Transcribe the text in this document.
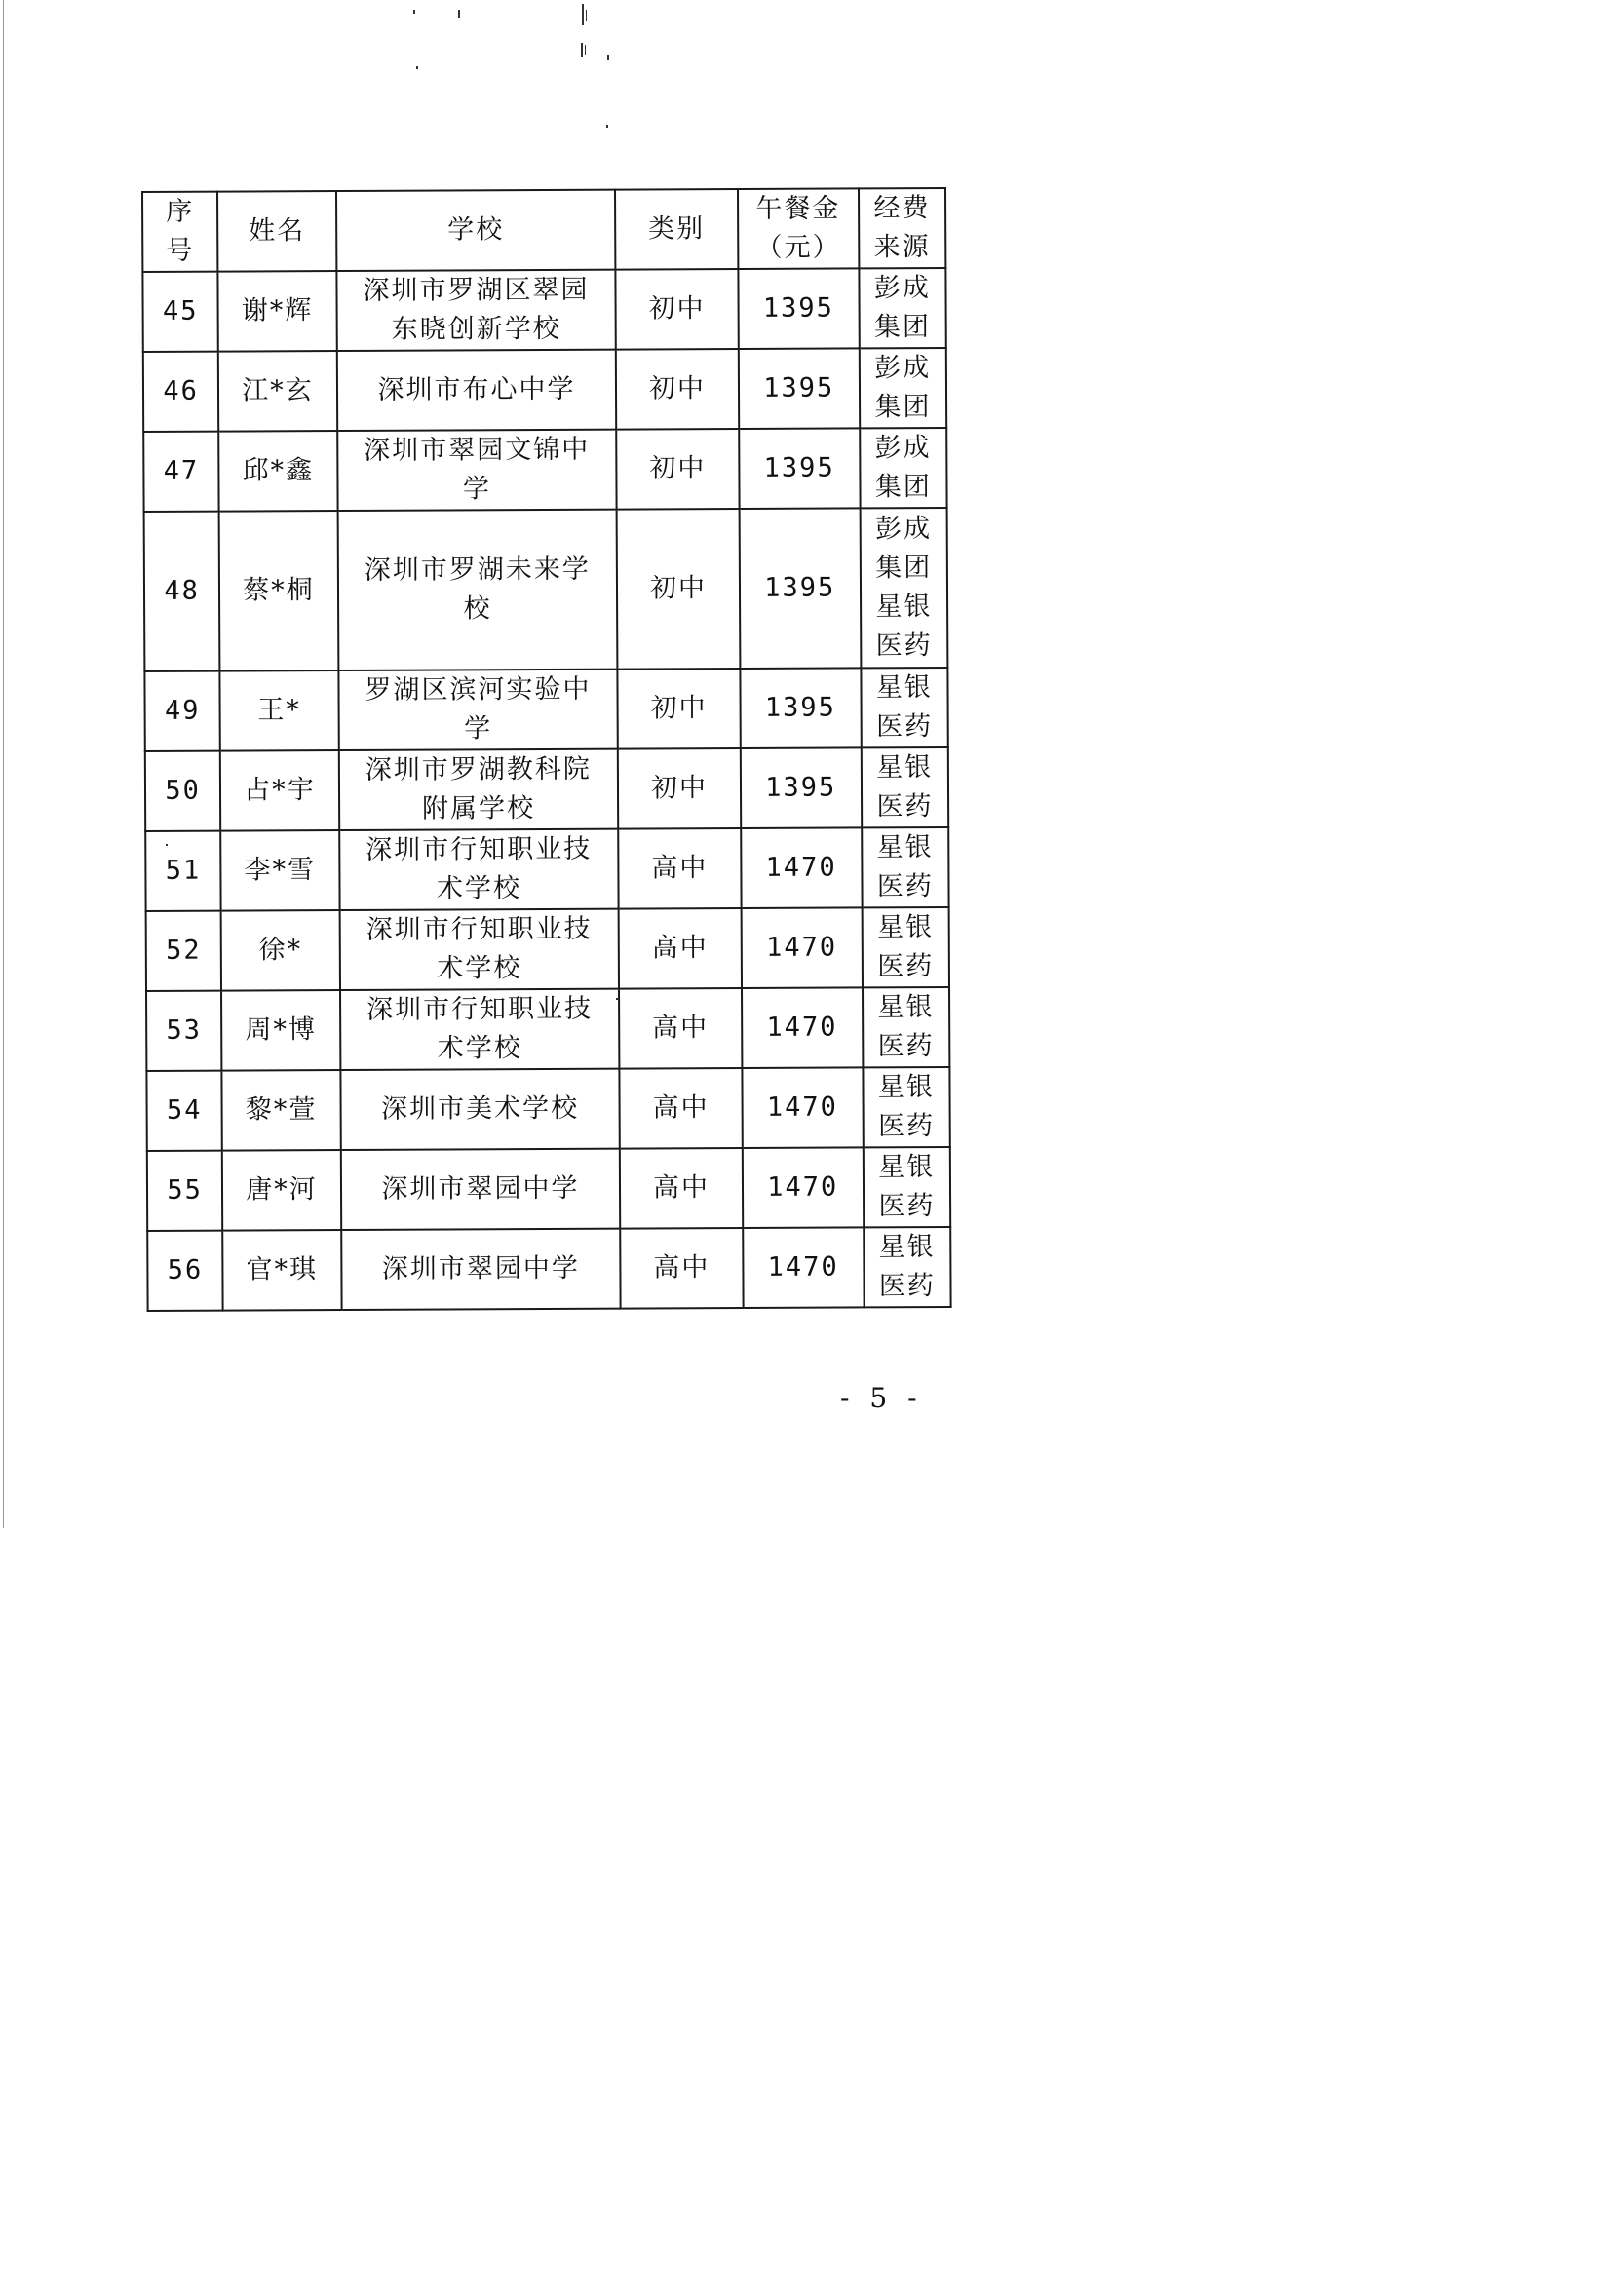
序
号	姓名	学校	类别	午餐金
（元）	经费
来源

45	谢*辉	深圳市罗湖区翠园
东晓创新学校	初中	1395	彭成
集团

46	江*玄	深圳市布心中学	初中	1395	彭成
集团

47	邱*鑫	深圳市翠园文锦中
学	初中	1395	彭成
集团

48	蔡*桐	深圳市罗湖未来学
校	初中	1395	彭成
集团
星银
医药

49	王*	罗湖区滨河实验中
学	初中	1395	星银
医药

50	占*宇	深圳市罗湖教科院
附属学校	初中	1395	星银
医药

51	李*雪	深圳市行知职业技
术学校	高中	1470	星银
医药

52	徐*	深圳市行知职业技
术学校	高中	1470	星银
医药

53	周*博	深圳市行知职业技
术学校	高中	1470	星银
医药

54	黎*萱	深圳市美术学校	高中	1470	星银
医药

55	唐*河	深圳市翠园中学	高中	1470	星银
医药

56	官*琪	深圳市翠园中学	高中	1470	星银
医药
- 5 -
